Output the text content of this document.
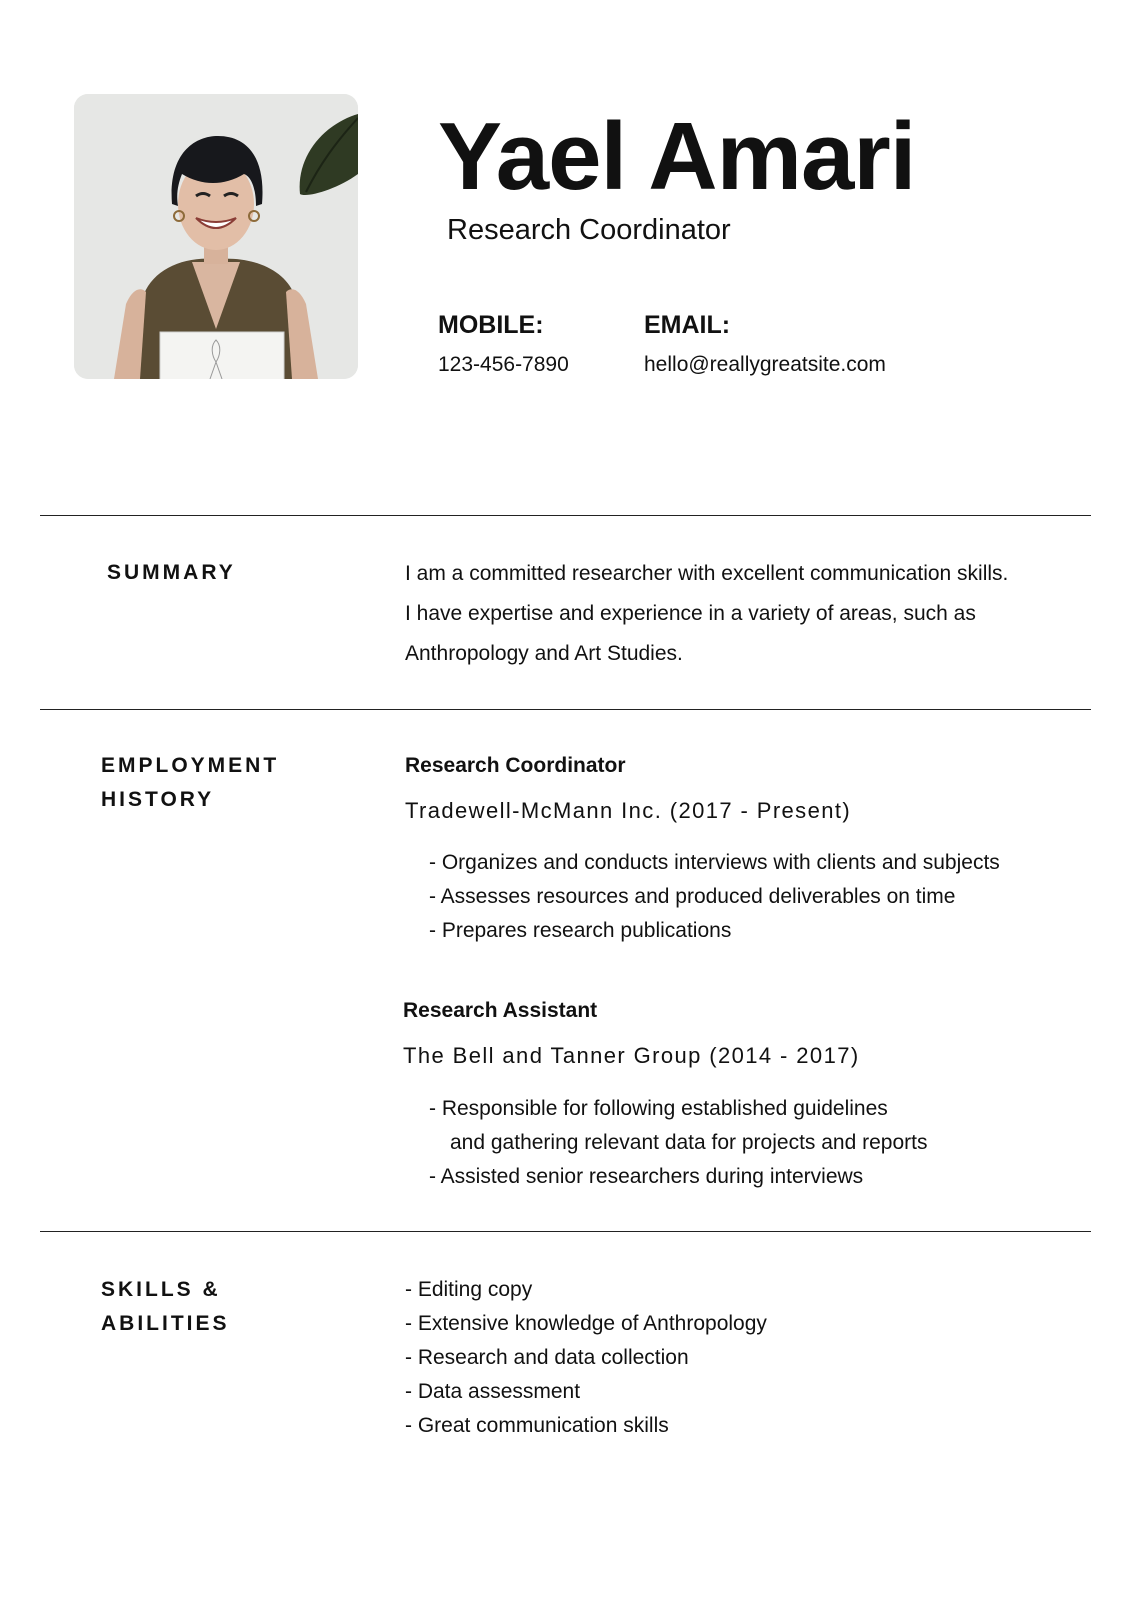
Yael Amari
Research Coordinator
MOBILE:
123-456-7890
EMAIL:
hello@reallygreatsite.com
SUMMARY	I am a committed researcher with excellent communication skills.
I have expertise and experience in a variety of areas, such as
Anthropology and Art Studies.
EMPLOYMENT
HISTORY
Research Coordinator
Tradewell-McMann Inc. (2017 - Present)
- Organizes and conducts interviews with clients and subjects
- Assesses resources and produced deliverables on time
- Prepares research publications
Research Assistant
The Bell and Tanner Group (2014 - 2017)
- Responsible for following established guidelines
and gathering relevant data for projects and reports
- Assisted senior researchers during interviews
SKILLS &
ABILITIES
- Editing copy
- Extensive knowledge of Anthropology
- Research and data collection
- Data assessment
- Great communication skills
